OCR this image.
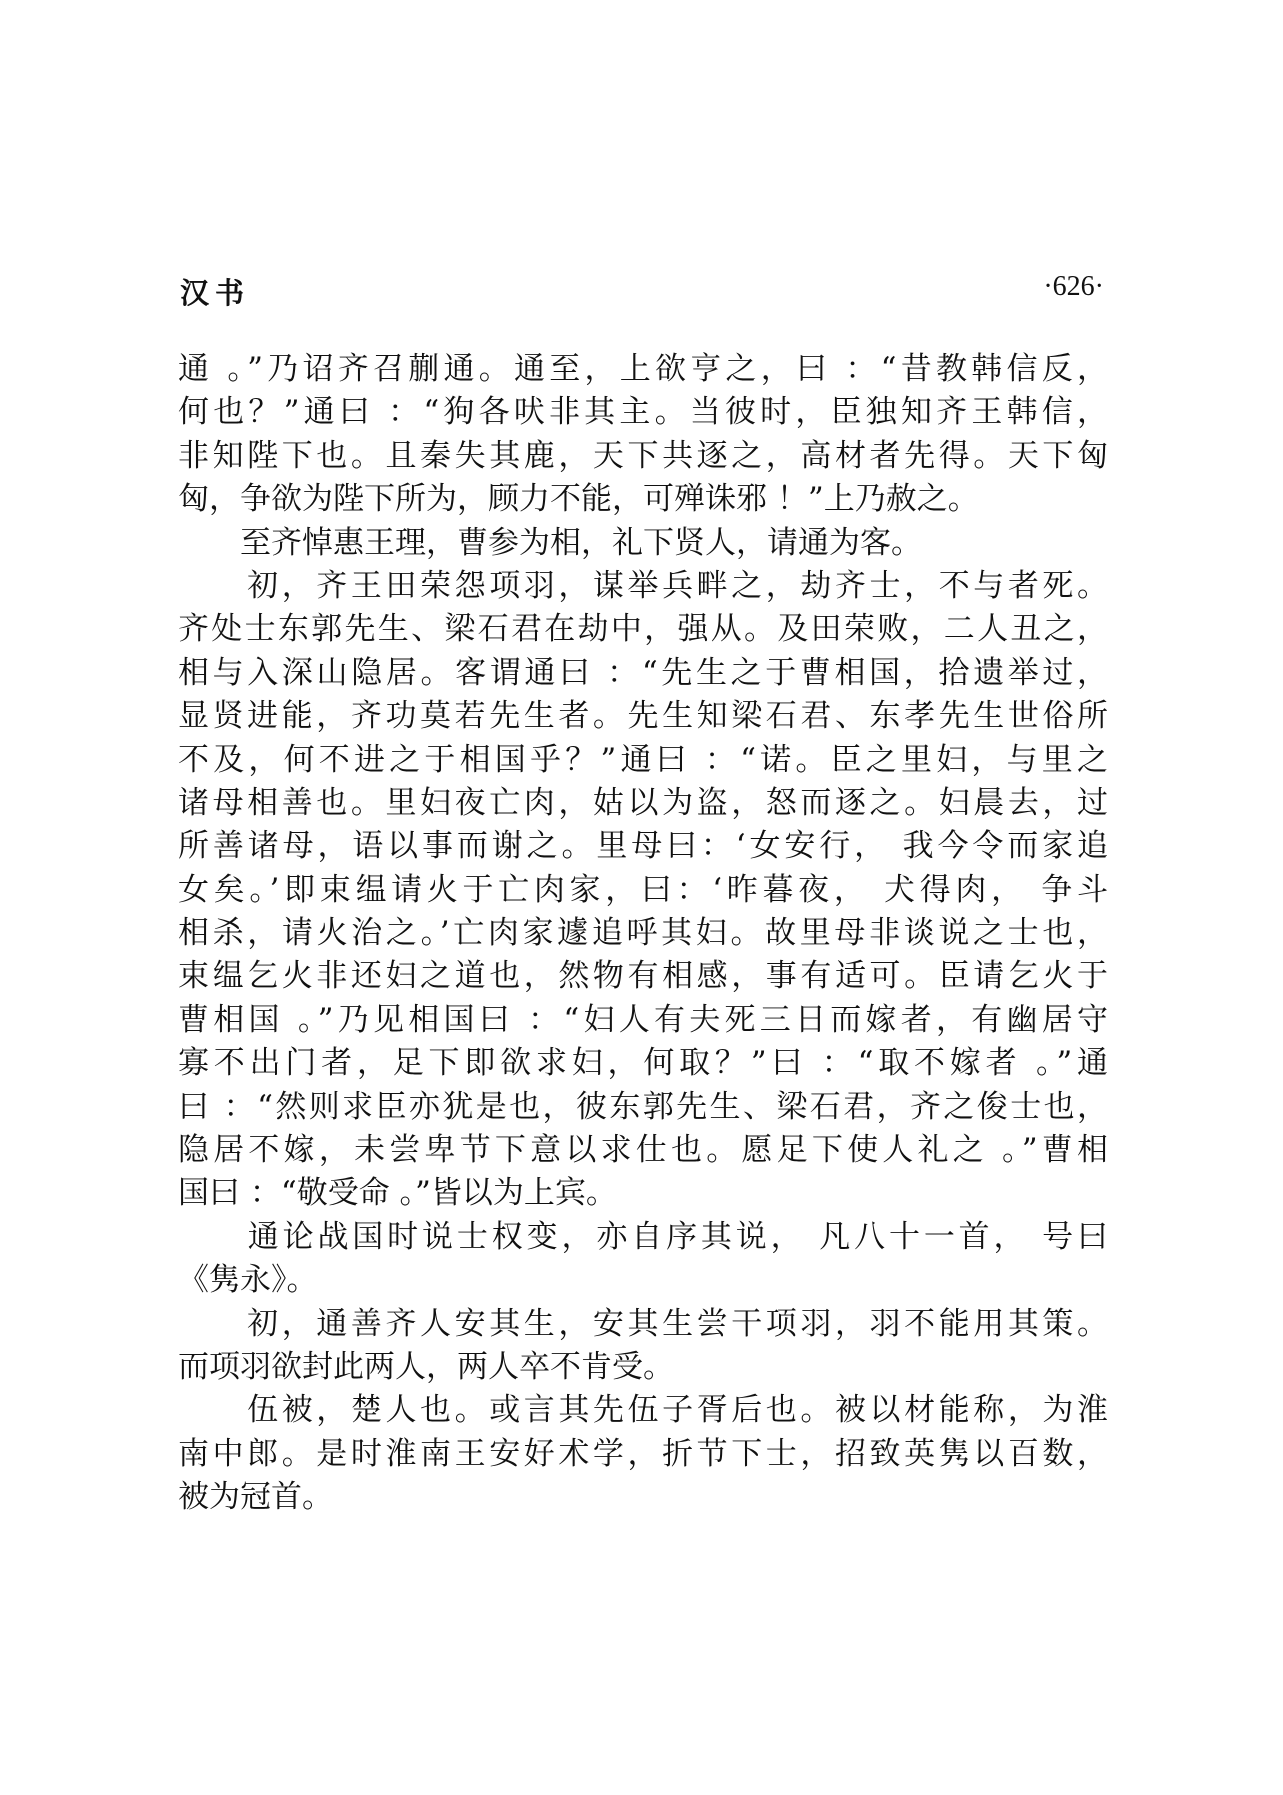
汉书	·626·
通 。”乃诏齐召蒯通。通至，上欲亨之，曰 ：“昔教韩信反，
何也？”通曰 ：“狗各吠非其主。当彼时，臣独知齐王韩信，
非知陛下也。且秦失其鹿，天下共逐之，高材者先得。天下匈
匈，争欲为陛下所为，顾力不能，可殚诛邪 ！”上乃赦之。
　　至齐悼惠王理，曹参为相，礼下贤人，请通为客。
　　初，齐王田荣怨项羽，谋举兵畔之，劫齐士，不与者死。
齐处士东郭先生、梁石君在劫中，强从。及田荣败，二人丑之，
相与入深山隐居。客谓通曰 ：“先生之于曹相国，拾遗举过，
显贤进能，齐功莫若先生者。先生知梁石君、东孝先生世俗所
不及，何不进之于相国乎？”通曰 ：“诺。臣之里妇，与里之
诸母相善也。里妇夜亡肉，姑以为盗，怒而逐之。妇晨去，过
所善诸母，语以事而谢之。里母曰：‘女安行， 我今令而家追
女矣。’即束缊请火于亡肉家，曰：‘昨暮夜， 犬得肉， 争斗
相杀，请火治之。’亡肉家遽追呼其妇。故里母非谈说之士也，
束缊乞火非还妇之道也，然物有相感，事有适可。臣请乞火于
曹相国 。”乃见相国曰 ：“妇人有夫死三日而嫁者，有幽居守
寡不出门者，足下即欲求妇，何取？”曰 ：“取不嫁者 。”通
曰 ：“然则求臣亦犹是也，彼东郭先生、梁石君，齐之俊士也，
隐居不嫁，未尝卑节下意以求仕也。愿足下使人礼之 。”曹相
国曰 ：“敬受命 。”皆以为上宾。
　　通论战国时说士权变，亦自序其说， 凡八十一首， 号曰
《隽永》。
　　初，通善齐人安其生，安其生尝干项羽，羽不能用其策。
而项羽欲封此两人，两人卒不肯受。
　　伍被，楚人也。或言其先伍子胥后也。被以材能称，为淮
南中郎。是时淮南王安好术学，折节下士，招致英隽以百数，
被为冠首。
